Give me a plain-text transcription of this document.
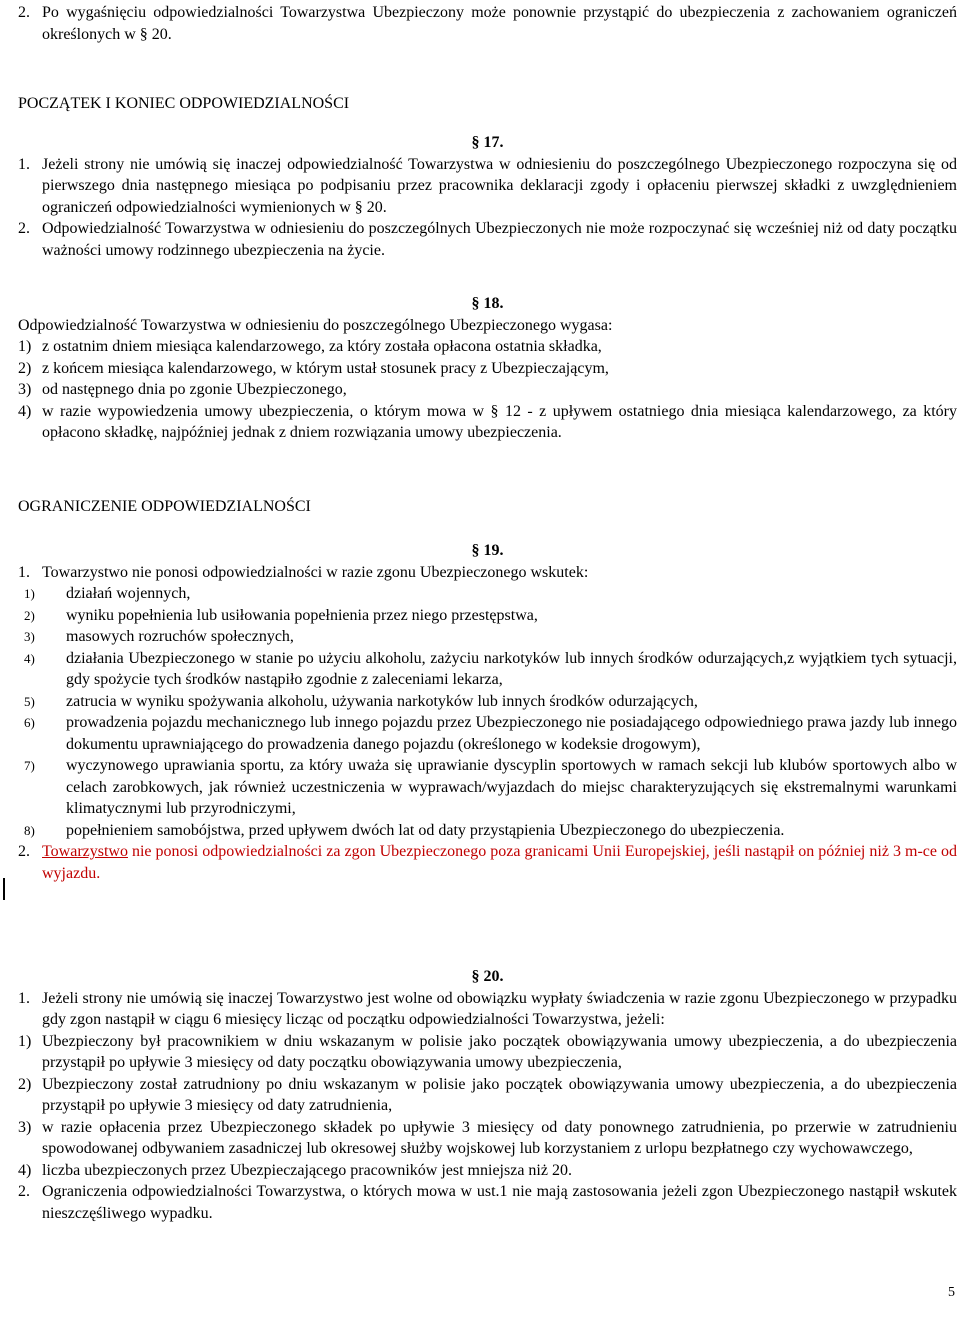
2. Po wygaśnięciu odpowiedzialności Towarzystwa Ubezpieczony może ponownie przystąpić do ubezpieczenia z zachowaniem ograniczeń określonych w § 20.
POCZĄTEK I KONIEC ODPOWIEDZIALNOŚCI
§ 17.
1. Jeżeli strony nie umówią się inaczej odpowiedzialność Towarzystwa w odniesieniu do poszczególnego Ubezpieczonego rozpoczyna się od pierwszego dnia następnego miesiąca po podpisaniu przez pracownika deklaracji zgody i opłaceniu pierwszej składki z uwzględnieniem ograniczeń odpowiedzialności wymienionych w § 20.
2. Odpowiedzialność Towarzystwa w odniesieniu do poszczególnych Ubezpieczonych nie może rozpoczynać się wcześniej niż od daty początku ważności umowy rodzinnego ubezpieczenia na życie.
§ 18.
Odpowiedzialność Towarzystwa w odniesieniu do poszczególnego Ubezpieczonego wygasa:
1) z ostatnim dniem miesiąca kalendarzowego, za który została opłacona ostatnia składka,
2) z końcem miesiąca kalendarzowego, w którym ustał stosunek pracy z Ubezpieczającym,
3) od następnego dnia po zgonie Ubezpieczonego,
4) w razie wypowiedzenia umowy ubezpieczenia, o którym mowa w § 12 - z upływem ostatniego dnia miesiąca kalendarzowego, za który opłacono składkę, najpóźniej jednak z dniem rozwiązania umowy ubezpieczenia.
OGRANICZENIE ODPOWIEDZIALNOŚCI
§ 19.
1. Towarzystwo nie ponosi odpowiedzialności w razie zgonu Ubezpieczonego wskutek:
1) działań wojennych,
2) wyniku popełnienia lub usiłowania popełnienia przez niego przestępstwa,
3) masowych rozruchów społecznych,
4) działania Ubezpieczonego w stanie po użyciu alkoholu, zażyciu narkotyków lub innych środków odurzających,z wyjątkiem tych sytuacji, gdy spożycie tych środków nastąpiło zgodnie z zaleceniami lekarza,
5) zatrucia w wyniku spożywania alkoholu, używania narkotyków lub innych środków odurzających,
6) prowadzenia pojazdu mechanicznego lub innego pojazdu przez Ubezpieczonego nie posiadającego odpowiedniego prawa jazdy lub innego dokumentu uprawniającego do prowadzenia danego pojazdu (określonego w kodeksie drogowym),
7) wyczynowego uprawiania sportu, za który uważa się uprawianie dyscyplin sportowych w ramach sekcji lub klubów sportowych albo w celach zarobkowych, jak również uczestniczenia w wyprawach/wyjazdach do miejsc charakteryzujących się ekstremalnymi warunkami klimatycznymi lub przyrodniczymi,
8) popełnieniem samobójstwa, przed upływem dwóch lat od daty przystąpienia Ubezpieczonego do ubezpieczenia.
2. Towarzystwo nie ponosi odpowiedzialności za zgon Ubezpieczonego poza granicami Unii Europejskiej, jeśli nastąpił on później niż 3 m-ce od wyjazdu.
§ 20.
1. Jeżeli strony nie umówią się inaczej Towarzystwo jest wolne od obowiązku wypłaty świadczenia w razie zgonu Ubezpieczonego w przypadku gdy zgon nastąpił w ciągu 6 miesięcy licząc od początku odpowiedzialności Towarzystwa, jeżeli:
1) Ubezpieczony był pracownikiem w dniu wskazanym w polisie jako początek obowiązywania umowy ubezpieczenia, a do ubezpieczenia przystąpił po upływie 3 miesięcy od daty początku obowiązywania umowy ubezpieczenia,
2) Ubezpieczony został zatrudniony po dniu wskazanym w polisie jako początek obowiązywania umowy ubezpieczenia, a do ubezpieczenia przystąpił po upływie 3 miesięcy od daty zatrudnienia,
3) w razie opłacenia przez Ubezpieczonego składek po upływie 3 miesięcy od daty ponownego zatrudnienia, po przerwie w zatrudnieniu spowodowanej odbywaniem zasadniczej lub okresowej służby wojskowej lub korzystaniem z urlopu bezpłatnego czy wychowawczego,
4) liczba ubezpieczonych przez Ubezpieczającego pracowników jest mniejsza niż 20.
2. Ograniczenia odpowiedzialności Towarzystwa, o których mowa w ust.1 nie mają zastosowania jeżeli zgon Ubezpieczonego nastąpił wskutek nieszczęśliwego wypadku.
5
